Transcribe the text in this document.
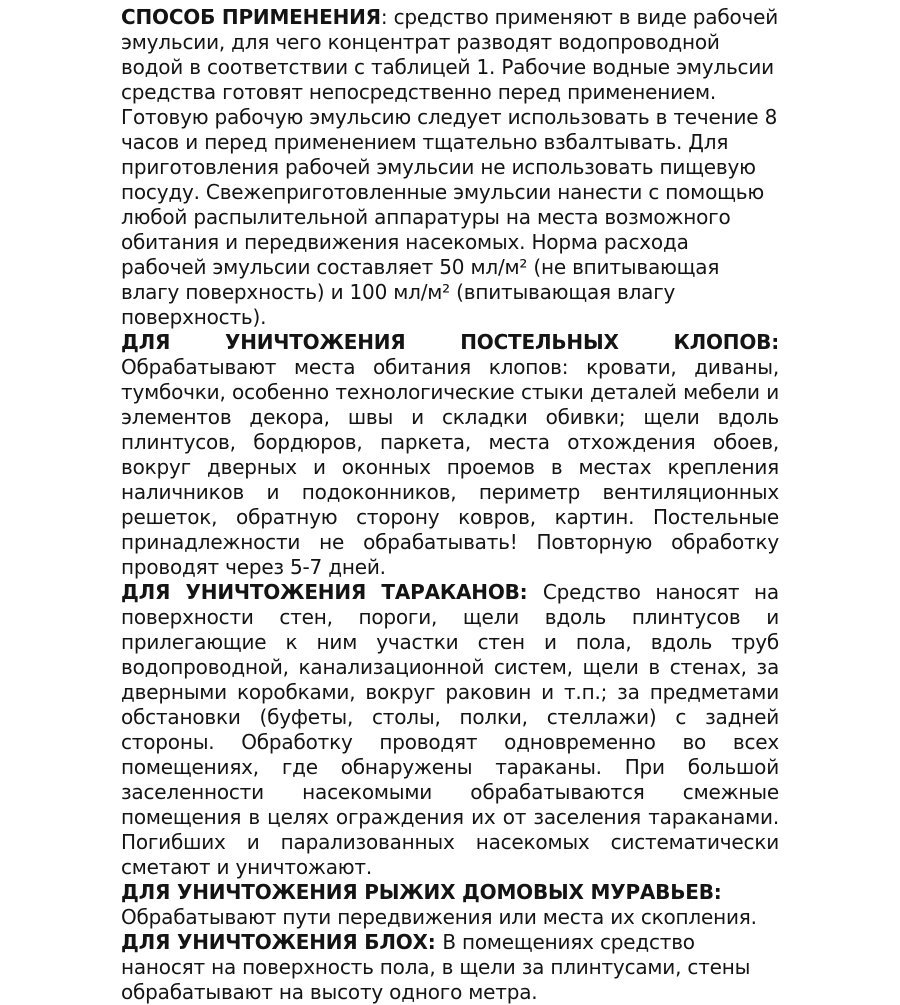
СПОСОБ ПРИМЕНЕНИЯ: средство применяют в виде рабочей эмульсии, для чего концентрат разводят водопроводной водой в соответствии с таблицей 1. Рабочие водные эмульсии средства готовят непосредственно перед применением. Готовую рабочую эмульсию следует использовать в течение 8 часов и перед применением тщательно взбалтывать. Для приготовления рабочей эмульсии не использовать пищевую посуду. Свежеприготовленные эмульсии нанести с помощью любой распылительной аппаратуры на места возможного обитания и передвижения насекомых. Норма расхода рабочей эмульсии составляет 50 мл/м² (не впитывающая влагу поверхность) и 100 мл/м² (впитывающая влагу поверхность).

ДЛЯ УНИЧТОЖЕНИЯ ПОСТЕЛЬНЫХ КЛОПОВ: Обрабатывают места обитания клопов: кровати, диваны, тумбочки, особенно технологические стыки деталей мебели и элементов декора, швы и складки обивки; щели вдоль плинтусов, бордюров, паркета, места отхождения обоев, вокруг дверных и оконных проемов в местах крепления наличников и подоконников, периметр вентиляционных решеток, обратную сторону ковров, картин. Постельные принадлежности не обрабатывать! Повторную обработку проводят через 5-7 дней.

ДЛЯ УНИЧТОЖЕНИЯ ТАРАКАНОВ: Средство наносят на поверхности стен, пороги, щели вдоль плинтусов и прилегающие к ним участки стен и пола, вдоль труб водопроводной, канализационной систем, щели в стенах, за дверными коробками, вокруг раковин и т.п.; за предметами обстановки (буфеты, столы, полки, стеллажи) с задней стороны. Обработку проводят одновременно во всех помещениях, где обнаружены тараканы. При большой заселенности насекомыми обрабатываются смежные помещения в целях ограждения их от заселения тараканами. Погибших и парализованных насекомых систематически сметают и уничтожают.

ДЛЯ УНИЧТОЖЕНИЯ РЫЖИХ ДОМОВЫХ МУРАВЬЕВ:
Обрабатывают пути передвижения или места их скопления.

ДЛЯ УНИЧТОЖЕНИЯ БЛОХ: В помещениях средство наносят на поверхность пола, в щели за плинтусами, стены обрабатывают на высоту одного метра.
